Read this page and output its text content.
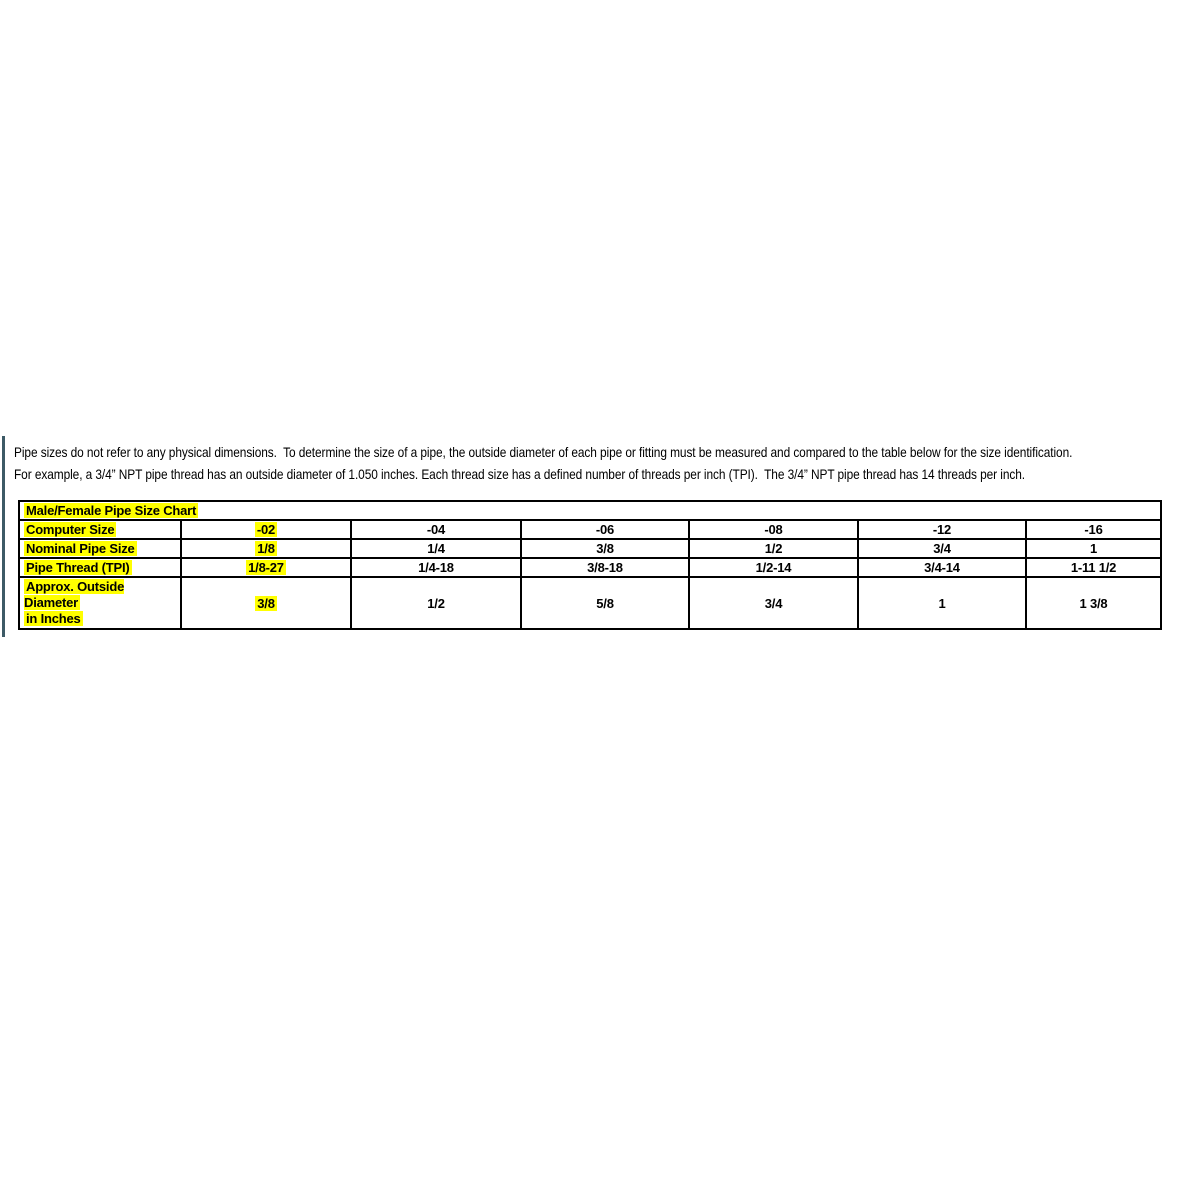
Pipe sizes do not refer to any physical dimensions.  To determine the size of a pipe, the outside diameter of each pipe or fitting must be measured and compared to the table below for the size identification.
For example, a 3/4” NPT pipe thread has an outside diameter of 1.050 inches. Each thread size has a defined number of threads per inch (TPI).  The 3/4” NPT pipe thread has 14 threads per inch.
Male/Female Pipe Size Chart						
Computer Size	-02	-04	-06	-08	-12	-16
Nominal Pipe Size	1/8	1/4	3/8	1/2	3/4	1
Pipe Thread (TPI)	1/8-27	1/4-18	3/8-18	1/2-14	3/4-14	1-11 1/2

Approx. Outside Diameter
in Inches	3/8	1/2	5/8	3/4	1	1 3/8
